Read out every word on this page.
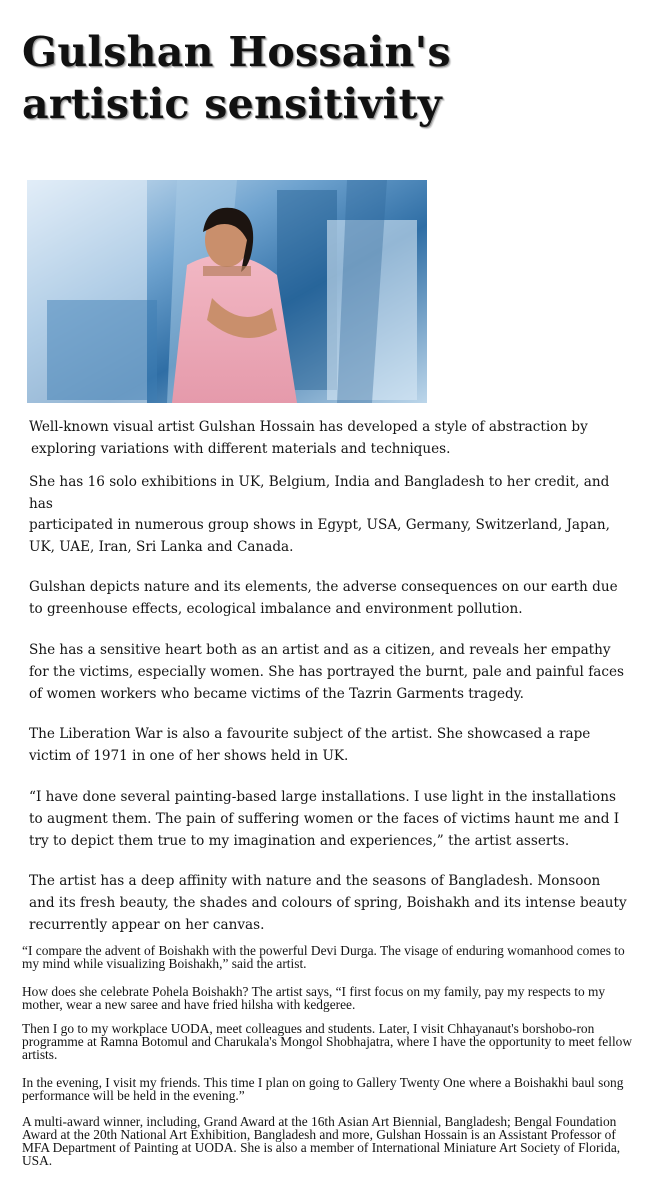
Gulshan Hossain's
artistic sensitivity

Well-known visual artist Gulshan Hossain has developed a style of abstraction by
exploring variations with different materials and techniques.

She has 16 solo exhibitions in UK, Belgium, India and Bangladesh to her credit, and has

participated in numerous group shows in Egypt, USA, Germany, Switzerland, Japan, UK, UAE, Iran, Sri Lanka and Canada.

Gulshan depicts nature and its elements, the adverse consequences on our earth due to greenhouse effects, ecological imbalance and environment pollution.

She has a sensitive heart both as an artist and as a citizen, and reveals her empathy for the victims, especially women. She has portrayed the burnt, pale and painful faces of women workers who became victims of the Tazrin Garments tragedy.

The Liberation War is also a favourite subject of the artist. She showcased a rape victim of 1971 in one of her shows held in UK.

“I have done several painting-based large installations. I use light in the installations to augment them. The pain of suffering women or the faces of victims haunt me and I try to depict them true to my imagination and experiences,” the artist asserts.

The artist has a deep affinity with nature and the seasons of Bangladesh. Monsoon and its fresh beauty, the shades and colours of spring, Boishakh and its intense beauty recurrently appear on her canvas.

“I compare the advent of Boishakh with the powerful Devi Durga. The visage of enduring womanhood comes to my mind while visualizing Boishakh,” said the artist.

How does she celebrate Pohela Boishakh? The artist says, “I first focus on my family, pay my respects to my mother, wear a new saree and have fried hilsha with kedgeree.

Then I go to my workplace UODA, meet colleagues and students. Later, I visit Chhayanaut's borshobo-ron programme at Ramna Botomul and Charukala's Mongol Shobhajatra, where I have the opportunity to meet fellow artists.

In the evening, I visit my friends. This time I plan on going to Gallery Twenty One where a Boishakhi baul song performance will be held in the evening.”

A multi-award winner, including, Grand Award at the 16th Asian Art Biennial, Bangladesh; Bengal Foundation Award at the 20th National Art Exhibition, Bangladesh and more, Gulshan Hossain is an Assistant Professor of MFA Department of Painting at UODA. She is also a member of International Miniature Art Society of Florida, USA.
